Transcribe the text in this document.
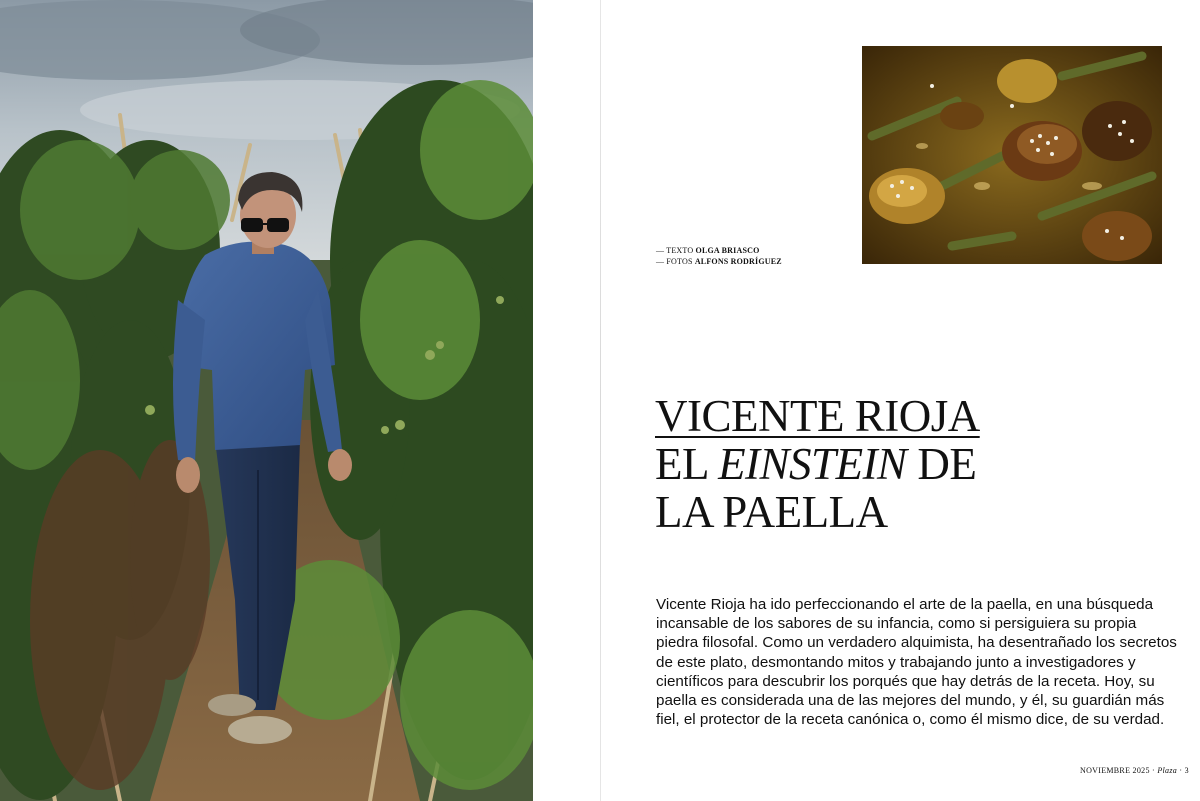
— TEXTO OLGA BRIASCO
— FOTOS ALFONS RODRÍGUEZ
VICENTE RIOJA
EL EINSTEIN DE
LA PAELLA

Vicente Rioja ha ido perfeccionando el arte de la paella, en una búsqueda incansable de los sabores de su infancia, como si persiguiera su propia piedra filosofal. Como un verdadero alquimista, ha desentrañado los secretos de este plato, desmontando mitos y trabajando junto a investigadores y científicos para descubrir los porqués que hay detrás de la receta. Hoy, su paella es considerada una de las mejores del mundo, y él, su guardián más fiel, el protector de la receta canónica o, como él mismo dice, de su verdad.

NOVIEMBRE 2025 · Plaza · 3
